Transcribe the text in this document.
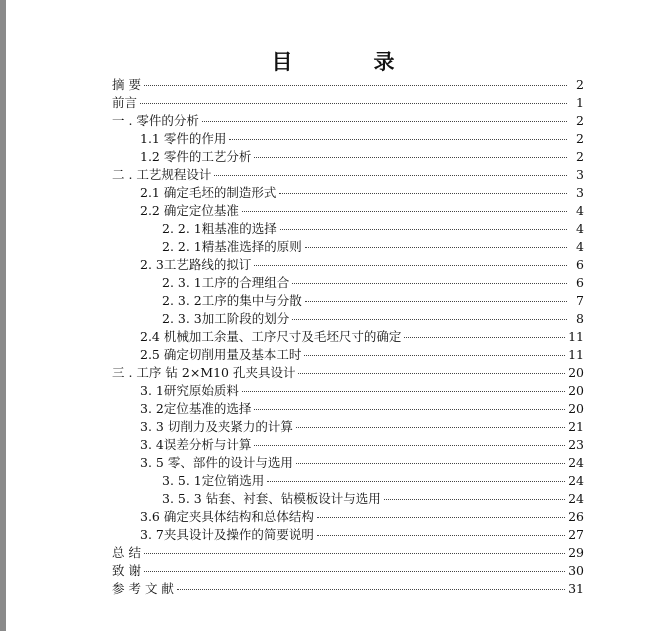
目　录
摘 要	2
前言	1
一 . 零件的分析	2
1.1 零件的作用	2
1.2 零件的工艺分析	2
二 . 工艺规程设计	3
2.1 确定毛坯的制造形式	3
2.2 确定定位基准	4
2. 2. 1粗基准的选择	4
2. 2. 1精基准选择的原则	4
2. 3工艺路线的拟订	6
2. 3. 1工序的合理组合	6
2. 3. 2工序的集中与分散	7
2. 3. 3加工阶段的划分	8
2.4 机械加工余量、工序尺寸及毛坯尺寸的确定	11
2.5 确定切削用量及基本工时	11
三 . 工序 钻 2×M10 孔夹具设计	20
3. 1研究原始质料	20
3. 2定位基准的选择	20
3. 3 切削力及夹紧力的计算	21
3. 4误差分析与计算	23
3. 5 零、部件的设计与选用	24
3. 5. 1定位销选用	24
3. 5. 3 钻套、衬套、钻模板设计与选用	24
3.6 确定夹具体结构和总体结构	26
3. 7夹具设计及操作的简要说明	27
总 结	29
致 谢	30
参 考 文 献	31
